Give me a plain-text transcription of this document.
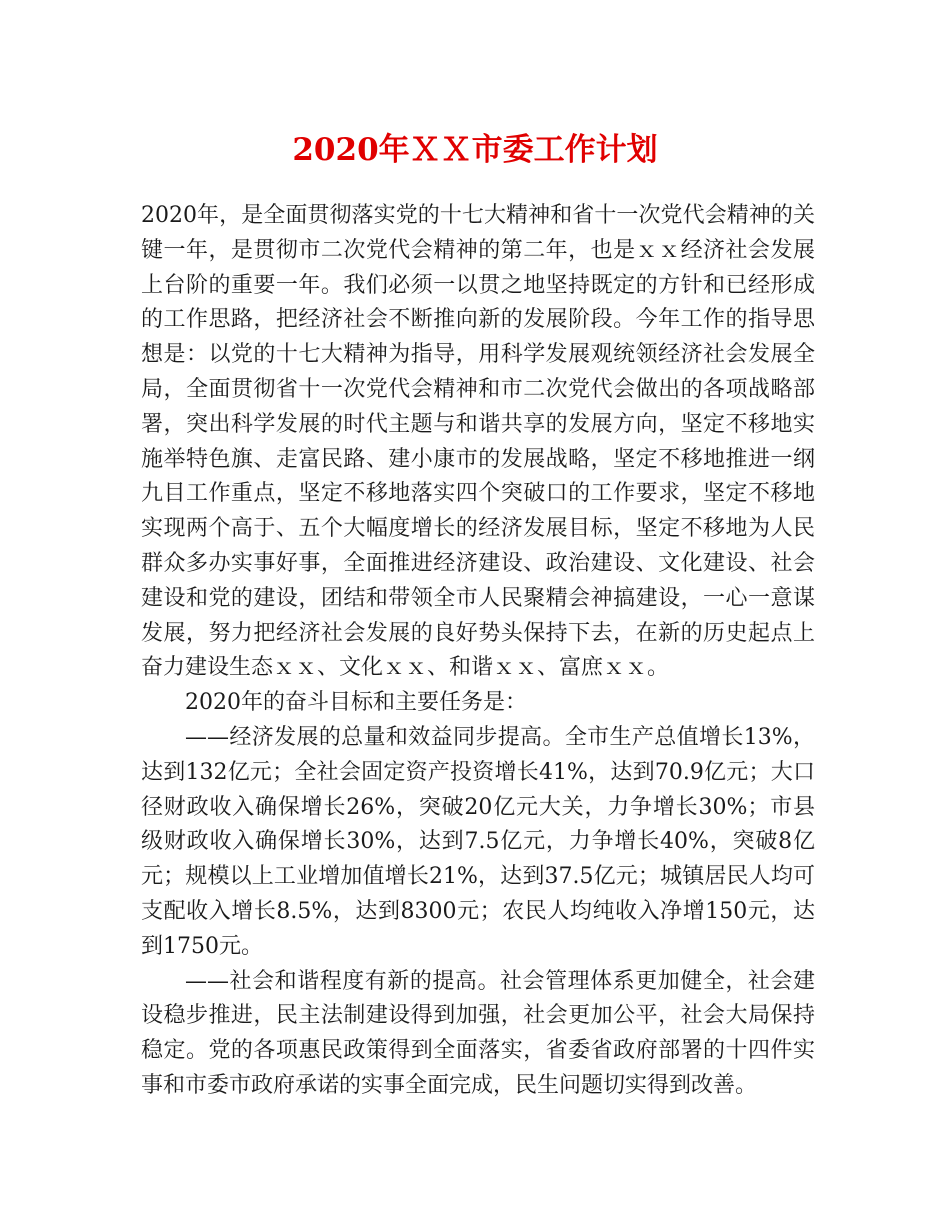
2020年ＸＸ市委工作计划

2020年，是全面贯彻落实党的十七大精神和省十一次党代会精神的关键一年，是贯彻市二次党代会精神的第二年，也是ｘｘ经济社会发展上台阶的重要一年。我们必须一以贯之地坚持既定的方针和已经形成的工作思路，把经济社会不断推向新的发展阶段。今年工作的指导思想是：以党的十七大精神为指导，用科学发展观统领经济社会发展全局，全面贯彻省十一次党代会精神和市二次党代会做出的各项战略部署，突出科学发展的时代主题与和谐共享的发展方向，坚定不移地实施举特色旗、走富民路、建小康市的发展战略，坚定不移地推进一纲九目工作重点，坚定不移地落实四个突破口的工作要求，坚定不移地实现两个高于、五个大幅度增长的经济发展目标，坚定不移地为人民群众多办实事好事，全面推进经济建设、政治建设、文化建设、社会建设和党的建设，团结和带领全市人民聚精会神搞建设，一心一意谋发展，努力把经济社会发展的良好势头保持下去，在新的历史起点上奋力建设生态ｘｘ、文化ｘｘ、和谐ｘｘ、富庶ｘｘ。

2020年的奋斗目标和主要任务是：

——经济发展的总量和效益同步提高。全市生产总值增长13%，达到132亿元；全社会固定资产投资增长41%，达到70.9亿元；大口径财政收入确保增长26%，突破20亿元大关，力争增长30%；市县级财政收入确保增长30%，达到7.5亿元，力争增长40%，突破8亿元；规模以上工业增加值增长21%，达到37.5亿元；城镇居民人均可支配收入增长8.5%，达到8300元；农民人均纯收入净增150元，达到1750元。

——社会和谐程度有新的提高。社会管理体系更加健全，社会建设稳步推进，民主法制建设得到加强，社会更加公平，社会大局保持稳定。党的各项惠民政策得到全面落实，省委省政府部署的十四件实事和市委市政府承诺的实事全面完成，民生问题切实得到改善。
